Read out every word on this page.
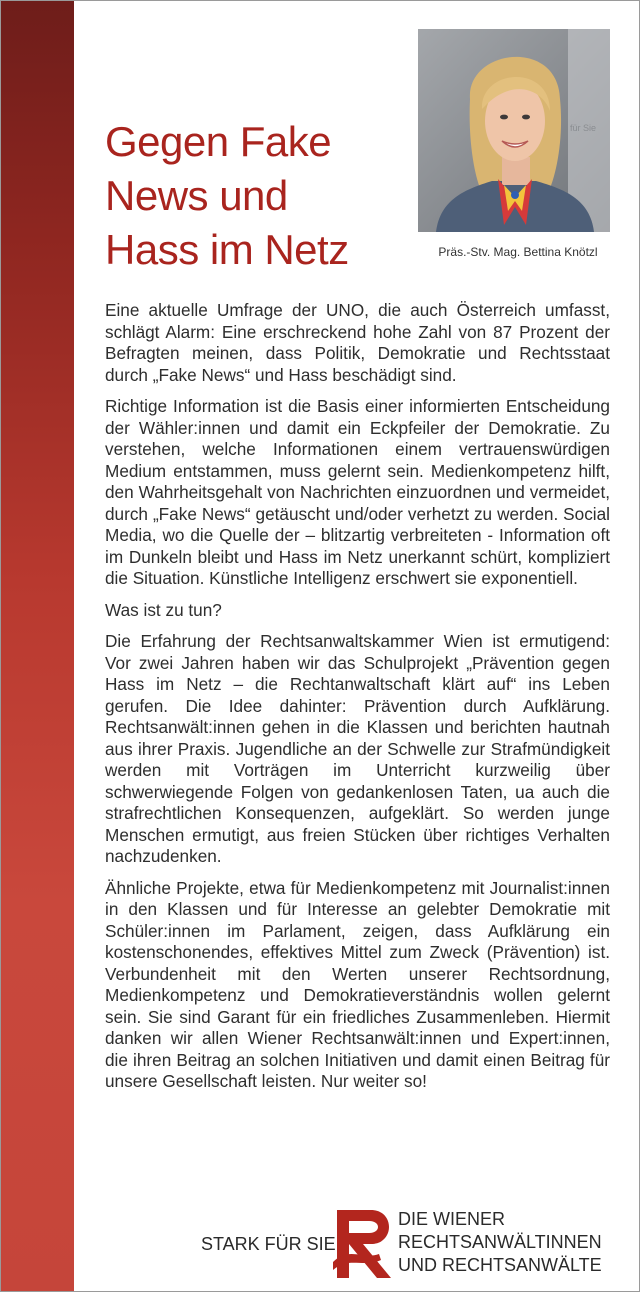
Gegen Fake
News und
Hass im Netz
für Sie
Präs.-Stv. Mag. Bettina Knötzl

Eine aktuelle Umfrage der UNO, die auch Österreich umfasst, schlägt Alarm: Eine erschreckend hohe Zahl von 87 Prozent der Befragten meinen, dass Politik, Demokratie und Rechtsstaat durch „Fake News“ und Hass beschädigt sind.

Richtige Information ist die Basis einer informierten Entscheidung der Wähler:innen und damit ein Eckpfeiler der Demokratie. Zu verstehen, welche Informationen einem vertrauenswürdigen Medium entstammen, muss gelernt sein. Medienkompetenz hilft, den Wahrheitsgehalt von Nachrichten einzuordnen und vermeidet, durch „Fake News“ getäuscht und/oder verhetzt zu werden. Social Media, wo die Quelle der – blitzartig verbreiteten - Information oft im Dunkeln bleibt und Hass im Netz unerkannt schürt, kompliziert die Situation. Künstliche Intelligenz erschwert sie exponentiell.

Was ist zu tun?

Die Erfahrung der Rechtsanwaltskammer Wien ist ermutigend: Vor zwei Jahren haben wir das Schulprojekt „Prävention gegen Hass im Netz – die Rechtanwaltschaft klärt auf“ ins Leben gerufen. Die Idee dahinter: Prävention durch Aufklärung. Rechtsanwält:innen gehen in die Klassen und berichten hautnah aus ihrer Praxis. Jugendliche an der Schwelle zur Strafmündigkeit werden mit Vorträgen im Unterricht kurzweilig über schwerwiegende Folgen von gedankenlosen Taten, ua auch die strafrechtlichen Konsequenzen, aufgeklärt. So werden junge Menschen ermutigt, aus freien Stücken über richtiges Verhalten nachzudenken.

Ähnliche Projekte, etwa für Medienkompetenz mit Journalist:innen in den Klassen und für Interesse an gelebter Demokratie mit Schüler:innen im Parlament, zeigen, dass Aufklärung ein kostenschonendes, effektives Mittel zum Zweck (Prävention) ist. Verbundenheit mit den Werten unserer Rechtsordnung, Medienkompetenz und Demokratieverständnis wollen gelernt sein. Sie sind Garant für ein friedliches Zusammenleben. Hiermit danken wir allen Wiener Rechtsanwält:innen und Expert:innen, die ihren Beitrag an solchen Initiativen und damit einen Beitrag für unsere Gesellschaft leisten. Nur weiter so!

STARK FÜR SIE
DIE WIENER
RECHTSANWÄLTINNEN
UND RECHTSANWÄLTE
